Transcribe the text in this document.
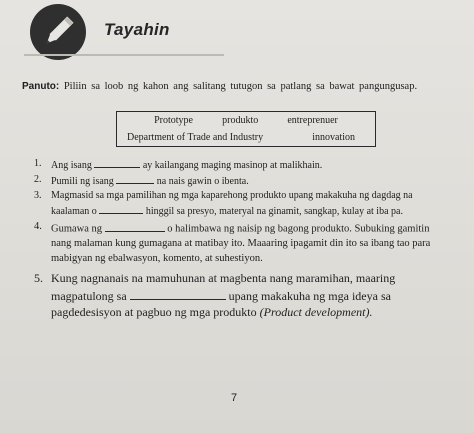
Tayahin
Panuto: Piliin sa loob ng kahon ang salitang tutugon sa patlang sa bawat pangungusap.
Prototype	produkto	entreprenuer
Department of Trade and Industry	innovation
1. Ang isang	ay kailangang maging masinop at malikhain.
2. Pumili ng isang	na nais gawin o ibenta.
3. Magmasid sa mga pamilihan ng mga kaparehong produkto upang makakuha ng dagdag na kaalaman o	hinggil sa presyo, materyal na ginamit, sangkap, kulay at iba pa.
4. Gumawa ng	o halimbawa ng naisip ng bagong produkto. Subuking gamitin nang malaman kung gumagana at matibay ito. Maaaring ipagamit din ito sa ibang tao para mabigyan ng ebalwasyon, komento, at suhestiyon.
5. Kung nagnanais na mamuhunan at magbenta nang maramihan, maaring magpatulong sa	upang makakuha ng mga ideya sa pagdedesisyon at pagbuo ng mga produkto (Product development).
7
